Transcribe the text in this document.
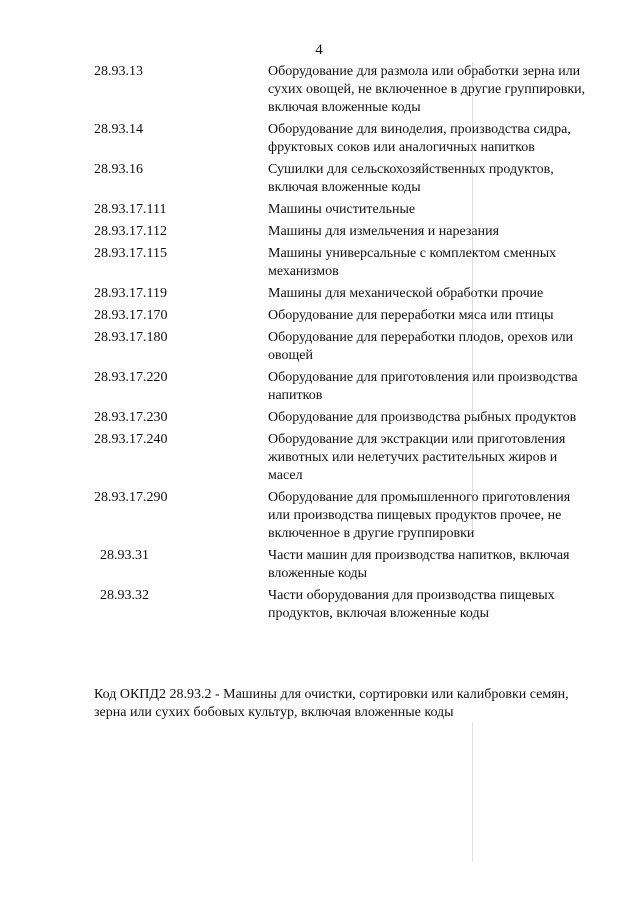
4
28.93.13	Оборудование для размола или обработки зерна или сухих овощей, не включенное в другие группировки, включая вложенные коды
28.93.14	Оборудование для виноделия, производства сидра, фруктовых соков или аналогичных напитков
28.93.16	Сушилки для сельскохозяйственных продуктов, включая вложенные коды
28.93.17.111	Машины очистительные
28.93.17.112	Машины для измельчения и нарезания
28.93.17.115	Машины универсальные с комплектом сменных механизмов
28.93.17.119	Машины для механической обработки прочие
28.93.17.170	Оборудование для переработки мяса или птицы
28.93.17.180	Оборудование для переработки плодов, орехов или овощей
28.93.17.220	Оборудование для приготовления или производства напитков
28.93.17.230	Оборудование для производства рыбных продуктов
28.93.17.240	Оборудование для экстракции или приготовления животных или нелетучих растительных жиров и масел
28.93.17.290	Оборудование для промышленного приготовления или производства пищевых продуктов прочее, не включенное в другие группировки
28.93.31	Части машин для производства напитков, включая вложенные коды
28.93.32	Части оборудования для производства пищевых продуктов, включая вложенные коды
Код ОКПД2 28.93.2 - Машины для очистки, сортировки или калибровки семян, зерна или сухих бобовых культур, включая вложенные коды
